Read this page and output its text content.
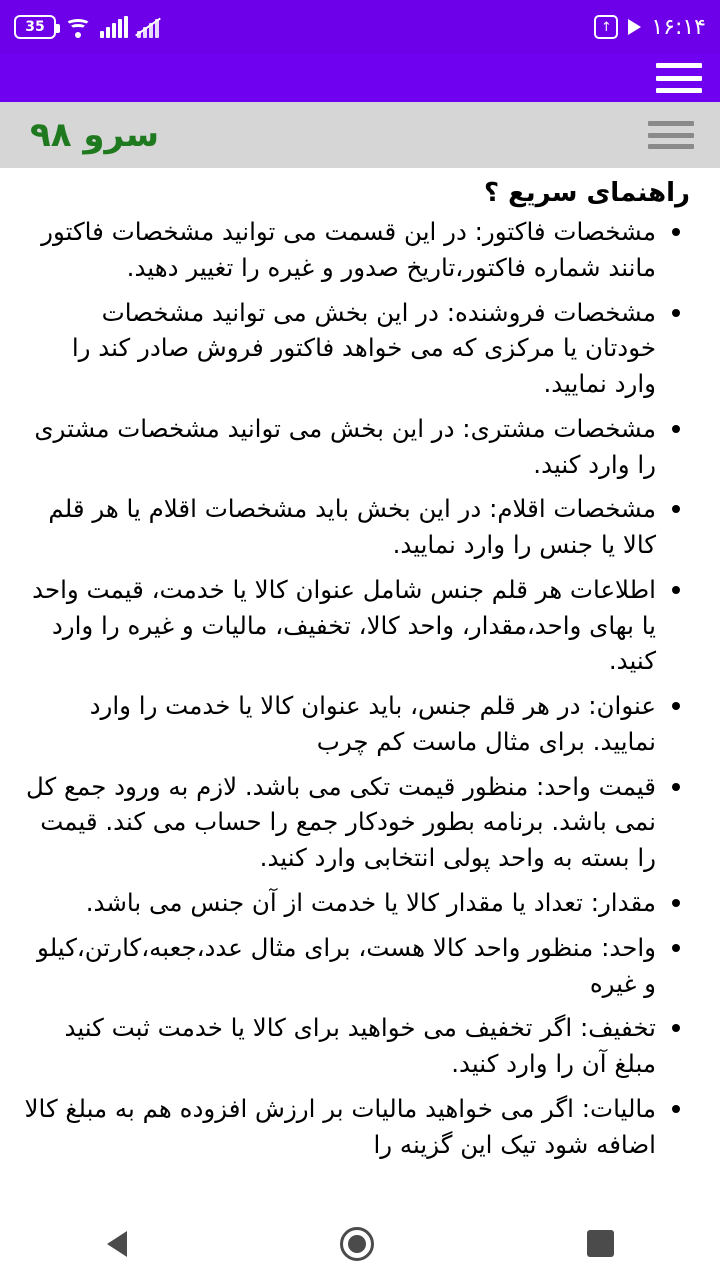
35	↑ ۱۶:۱۴
سرو ۹۸
راهنمای سریع ؟
مشخصات فاکتور: در این قسمت می توانید مشخصات فاکتور مانند شماره فاکتور،تاریخ صدور و غیره را تغییر دهید.
مشخصات فروشنده: در این بخش می توانید مشخصات خودتان یا مرکزی که می خواهد فاکتور فروش صادر کند را وارد نمایید.
مشخصات مشتری: در این بخش می توانید مشخصات مشتری را وارد کنید.
مشخصات اقلام: در این بخش باید مشخصات اقلام یا هر قلم کالا یا جنس را وارد نمایید.
اطلاعات هر قلم جنس شامل عنوان کالا یا خدمت، قیمت واحد یا بهای واحد،مقدار، واحد کالا، تخفیف، مالیات و غیره را وارد کنید.
عنوان: در هر قلم جنس، باید عنوان کالا یا خدمت را وارد نمایید. برای مثال ماست کم چرب
قیمت واحد: منظور قیمت تکی می باشد. لازم به ورود جمع کل نمی باشد. برنامه بطور خودکار جمع را حساب می کند. قیمت را بسته به واحد پولی انتخابی وارد کنید.
مقدار: تعداد یا مقدار کالا یا خدمت از آن جنس می باشد.
واحد: منظور واحد کالا هست، برای مثال عدد،جعبه،کارتن،کیلو و غیره
تخفیف: اگر تخفیف می خواهید برای کالا یا خدمت ثبت کنید مبلغ آن را وارد کنید.
مالیات: اگر می خواهید مالیات بر ارزش افزوده هم به مبلغ کالا اضافه شود تیک این گزینه را
